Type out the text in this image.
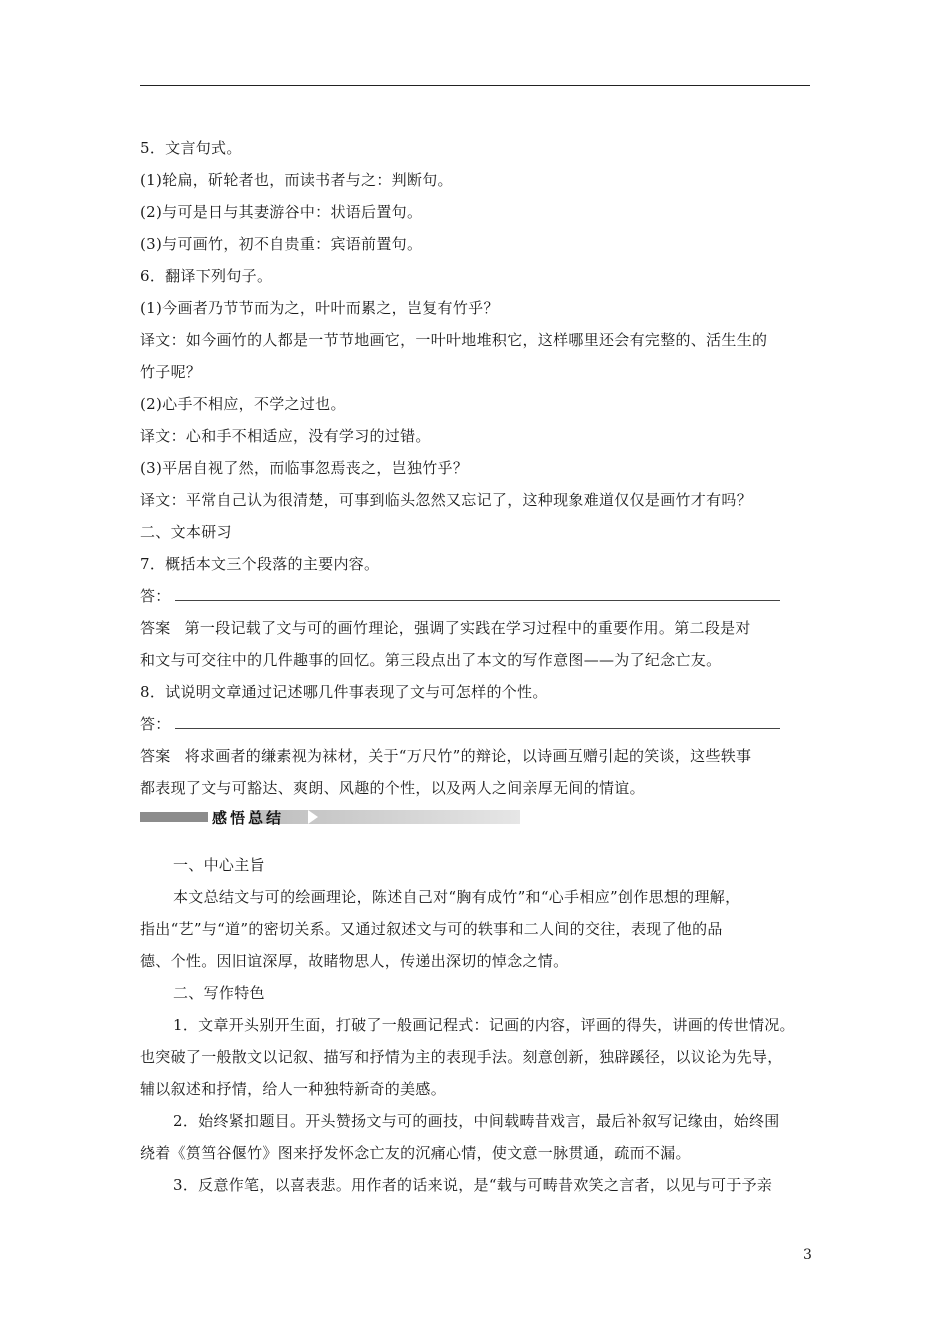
5．文言句式。
(1)轮扁，斫轮者也，而读书者与之：判断句。
(2)与可是日与其妻游谷中：状语后置句。
(3)与可画竹，初不自贵重：宾语前置句。
6．翻译下列句子。
(1)今画者乃节节而为之，叶叶而累之，岂复有竹乎？
译文：如今画竹的人都是一节节地画它，一叶叶地堆积它，这样哪里还会有完整的、活生生的
竹子呢？
(2)心手不相应，不学之过也。
译文：心和手不相适应，没有学习的过错。
(3)平居自视了然，而临事忽焉丧之，岂独竹乎？
译文：平常自己认为很清楚，可事到临头忽然又忘记了，这种现象难道仅仅是画竹才有吗？
二、文本研习
7．概括本文三个段落的主要内容。
答：
答案 第一段记载了文与可的画竹理论，强调了实践在学习过程中的重要作用。第二段是对
和文与可交往中的几件趣事的回忆。第三段点出了本文的写作意图——为了纪念亡友。
8．试说明文章通过记述哪几件事表现了文与可怎样的个性。
答：
答案 将求画者的缣素视为袜材，关于“万尺竹”的辩论，以诗画互赠引起的笑谈，这些轶事
都表现了文与可豁达、爽朗、风趣的个性，以及两人之间亲厚无间的情谊。
感悟总结
一、中心主旨
本文总结文与可的绘画理论，陈述自己对“胸有成竹”和“心手相应”创作思想的理解，
指出“艺”与“道”的密切关系。又通过叙述文与可的轶事和二人间的交往，表现了他的品
德、个性。因旧谊深厚，故睹物思人，传递出深切的悼念之情。
二、写作特色
1．文章开头别开生面，打破了一般画记程式：记画的内容，评画的得失，讲画的传世情况。
也突破了一般散文以记叙、描写和抒情为主的表现手法。刻意创新，独辟蹊径，以议论为先导，
辅以叙述和抒情，给人一种独特新奇的美感。
2．始终紧扣题目。开头赞扬文与可的画技，中间载畴昔戏言，最后补叙写记缘由，始终围
绕着《筼筜谷偃竹》图来抒发怀念亡友的沉痛心情，使文意一脉贯通，疏而不漏。
3．反意作笔，以喜表悲。用作者的话来说，是“载与可畴昔欢笑之言者，以见与可于予亲
3
